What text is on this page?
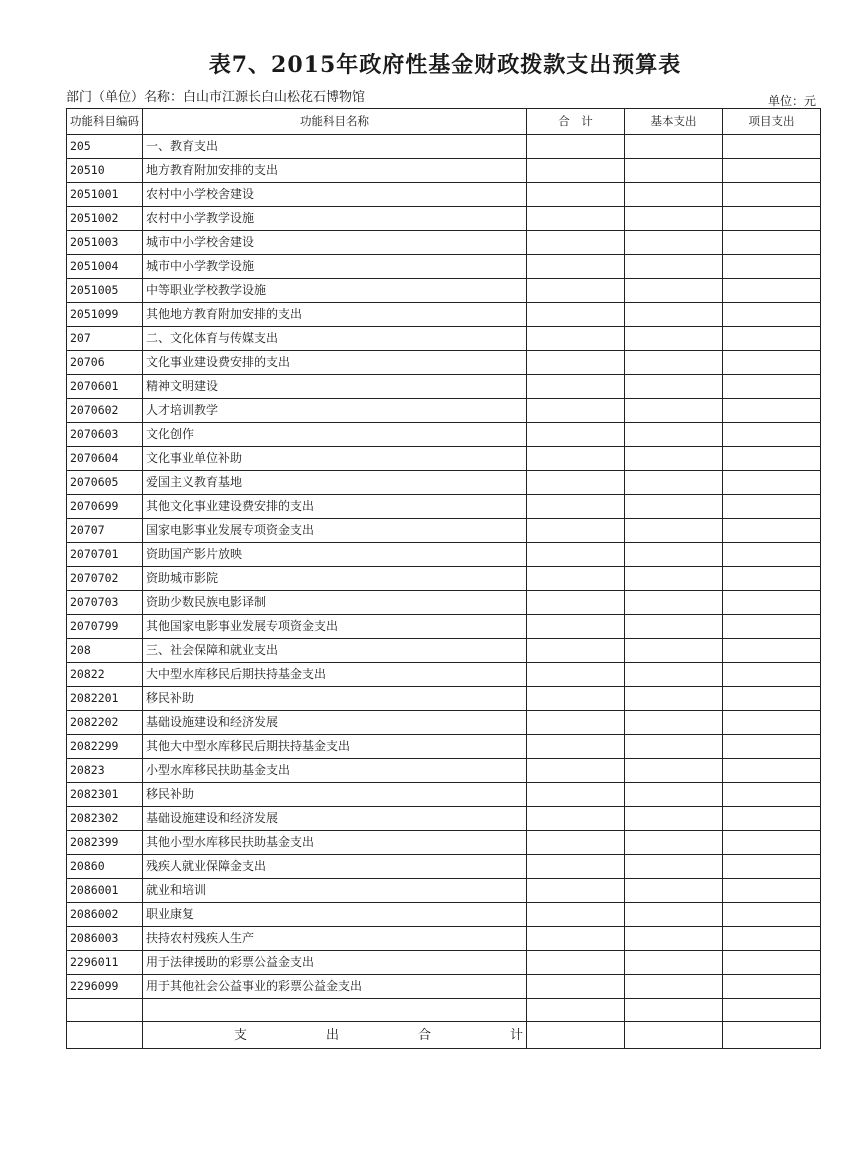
表7、2015年政府性基金财政拨款支出预算表
部门（单位）名称：白山市江源长白山松花石博物馆	单位：元
功能科目编码	功能科目名称	合　计	基本支出	项目支出
205	一、教育支出			
20510	地方教育附加安排的支出			
2051001	农村中小学校舍建设			
2051002	农村中小学教学设施			
2051003	城市中小学校舍建设			
2051004	城市中小学教学设施			
2051005	中等职业学校教学设施			
2051099	其他地方教育附加安排的支出			
207	二、文化体育与传媒支出			
20706	文化事业建设费安排的支出			
2070601	精神文明建设			
2070602	人才培训教学			
2070603	文化创作			
2070604	文化事业单位补助			
2070605	爱国主义教育基地			
2070699	其他文化事业建设费安排的支出			
20707	国家电影事业发展专项资金支出			
2070701	资助国产影片放映			
2070702	资助城市影院			
2070703	资助少数民族电影译制			
2070799	其他国家电影事业发展专项资金支出			
208	三、社会保障和就业支出			
20822	大中型水库移民后期扶持基金支出			
2082201	移民补助			
2082202	基础设施建设和经济发展			
2082299	其他大中型水库移民后期扶持基金支出			
20823	小型水库移民扶助基金支出			
2082301	移民补助			
2082302	基础设施建设和经济发展			
2082399	其他小型水库移民扶助基金支出			
20860	残疾人就业保障金支出			
2086001	就业和培训			
2086002	职业康复			
2086003	扶持农村残疾人生产			
2296011	用于法律援助的彩票公益金支出			
2296099	用于其他社会公益事业的彩票公益金支出			

	支 出 合 计			
